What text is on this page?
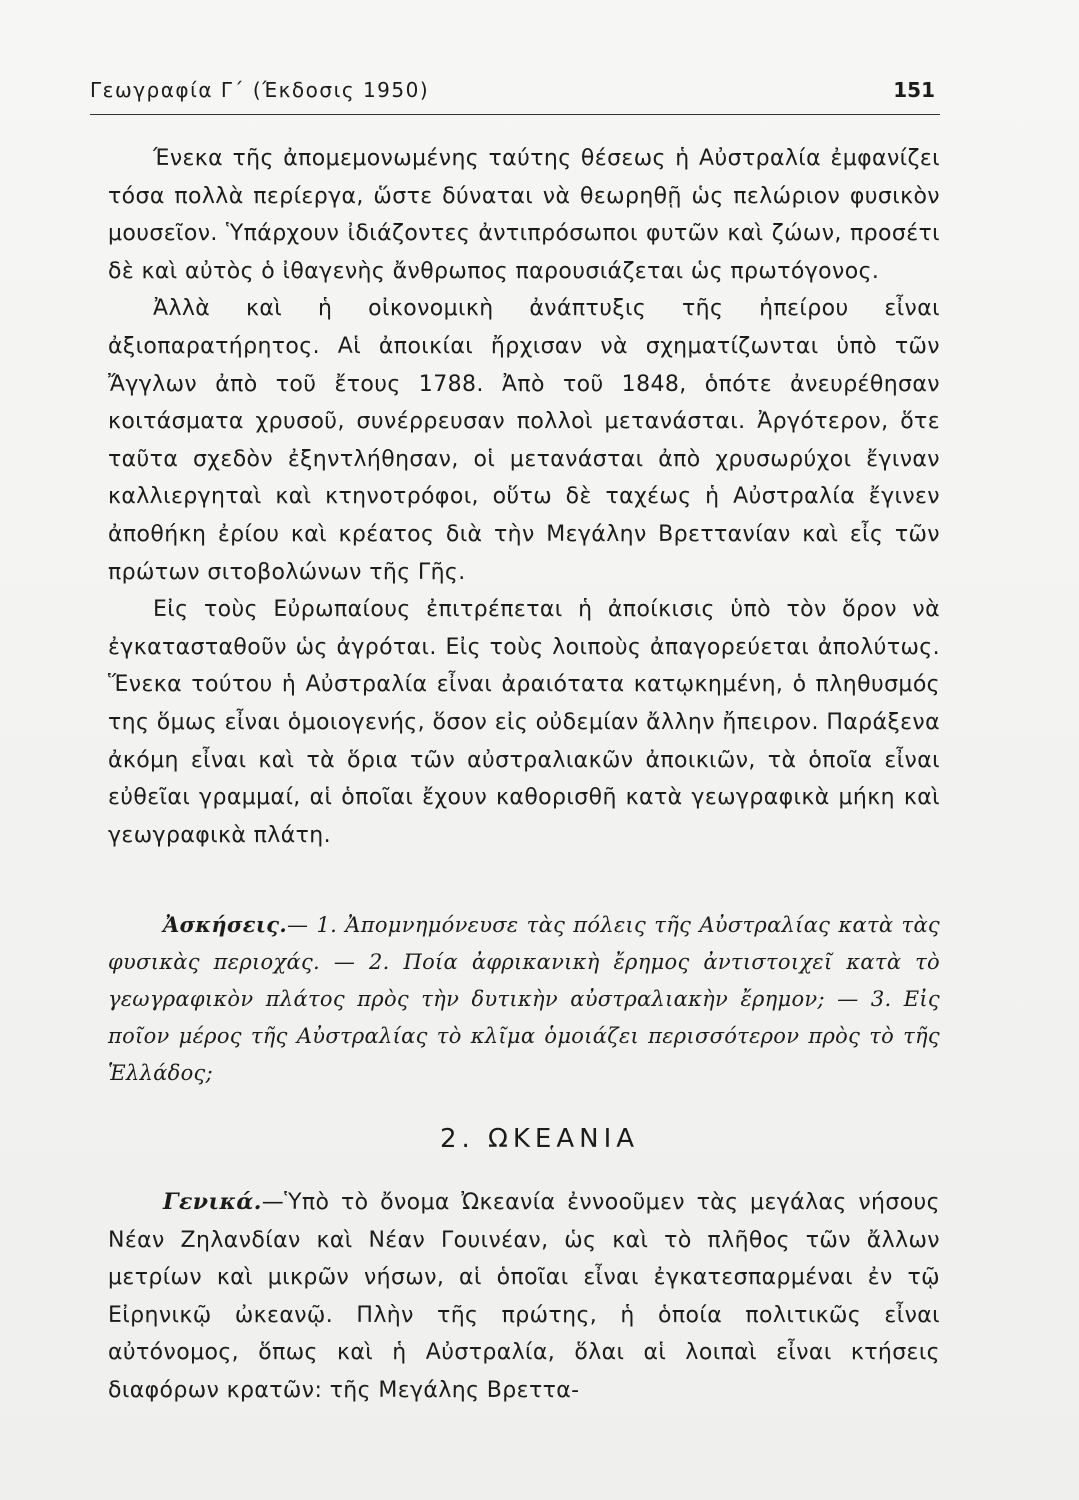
Γεωγραφία Γ΄ (Έκδοσις 1950)	151

Ένεκα τῆς ἀπομεμονωμένης ταύτης θέσεως ἡ Αὐστραλία ἐμφανίζει τόσα πολλὰ περίεργα, ὥστε δύναται νὰ θεωρηθῇ ὡς πελώριον φυσικὸν μουσεῖον. Ὑπάρχουν ἰδιάζοντες ἀντιπρόσωποι φυτῶν καὶ ζώων, προσέτι δὲ καὶ αὐτὸς ὁ ἰθαγενὴς ἄνθρωπος παρουσιάζεται ὡς πρωτόγονος.

Ἀλλὰ καὶ ἡ οἰκονομικὴ ἀνάπτυξις τῆς ἠπείρου εἶναι ἀξιοπαρατήρητος. Αἱ ἀποικίαι ἤρχισαν νὰ σχηματίζωνται ὑπὸ τῶν Ἄγγλων ἀπὸ τοῦ ἔτους 1788. Ἀπὸ τοῦ 1848, ὁπότε ἀνευρέθησαν κοιτάσματα χρυσοῦ, συνέρρευσαν πολλοὶ μετανάσται. Ἀργότερον, ὅτε ταῦτα σχεδὸν ἐξηντλήθησαν, οἱ μετανάσται ἀπὸ χρυσωρύχοι ἔγιναν καλλιεργηταὶ καὶ κτηνοτρόφοι, οὕτω δὲ ταχέως ἡ Αὐστραλία ἔγινεν ἀποθήκη ἐρίου καὶ κρέατος διὰ τὴν Μεγάλην Βρεττανίαν καὶ εἶς τῶν πρώτων σιτοβολώνων τῆς Γῆς.

Εἰς τοὺς Εὐρωπαίους ἐπιτρέπεται ἡ ἀποίκισις ὑπὸ τὸν ὅρον νὰ ἐγκατασταθοῦν ὡς ἀγρόται. Εἰς τοὺς λοιποὺς ἀπαγορεύεται ἀπολύτως. Ἕνεκα τούτου ἡ Αὐστραλία εἶναι ἀραιότατα κατῳκημένη, ὁ πληθυσμός της ὅμως εἶναι ὁμοιογενής, ὅσον εἰς οὐδεμίαν ἄλλην ἤπειρον. Παράξενα ἀκόμη εἶναι καὶ τὰ ὅρια τῶν αὐστραλιακῶν ἀποικιῶν, τὰ ὁποῖα εἶναι εὐθεῖαι γραμμαί, αἱ ὁποῖαι ἔχουν καθορισθῆ κατὰ γεωγραφικὰ μήκη καὶ γεωγραφικὰ πλάτη.

Ἀσκήσεις.— 1. Ἀπομνημόνευσε τὰς πόλεις τῆς Αὐστραλίας κατὰ τὰς φυσικὰς περιοχάς. — 2. Ποία ἀφρικανικὴ ἔρημος ἀντιστοιχεῖ κατὰ τὸ γεωγραφικὸν πλάτος πρὸς τὴν δυτικὴν αὐστραλιακὴν ἔρημον; — 3. Εἰς ποῖον μέρος τῆς Αὐστραλίας τὸ κλῖμα ὁμοιάζει περισσότερον πρὸς τὸ τῆς Ἑλλάδος;
2. ΩΚΕΑΝΙΑ
Γενικά.—Ὑπὸ τὸ ὄνομα Ὠκεανία ἐννοοῦμεν τὰς μεγάλας νήσους Νέαν Ζηλανδίαν καὶ Νέαν Γουινέαν, ὡς καὶ τὸ πλῆθος τῶν ἄλλων μετρίων καὶ μικρῶν νήσων, αἱ ὁποῖαι εἶναι ἐγκατεσπαρμέναι ἐν τῷ Εἰρηνικῷ ὠκεανῷ. Πλὴν τῆς πρώτης, ἡ ὁποία πολιτικῶς εἶναι αὐτόνομος, ὅπως καὶ ἡ Αὐστραλία, ὅλαι αἱ λοιπαὶ εἶναι κτήσεις διαφόρων κρατῶν: τῆς Μεγάλης Βρεττα-
